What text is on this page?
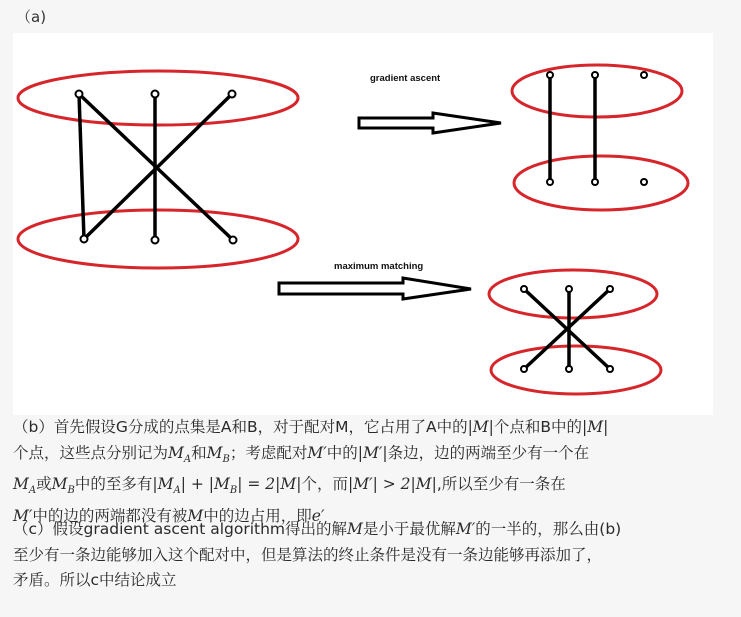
（a)
gradient ascent
maximum matching
（b）首先假设G分成的点集是A和B，对于配对M，它占用了A中的|M|个点和B中的|M|
个点，这些点分别记为$M_A$和$M_B$；考虑配对M′中的|M′|条边，边的两端至少有一个在
$M_A$或$M_B$中的至多有$|M_A| + |M_B| = 2|M|$个，而|M′| > 2|M|,所以至少有一条在
M′中的边的两端都没有被M中的边占用，即e′
（c）假设gradient ascent algorithm得出的解M是小于最优解M′的一半的，那么由(b)
至少有一条边能够加入这个配对中，但是算法的终止条件是没有一条边能够再添加了，
矛盾。所以c中结论成立
